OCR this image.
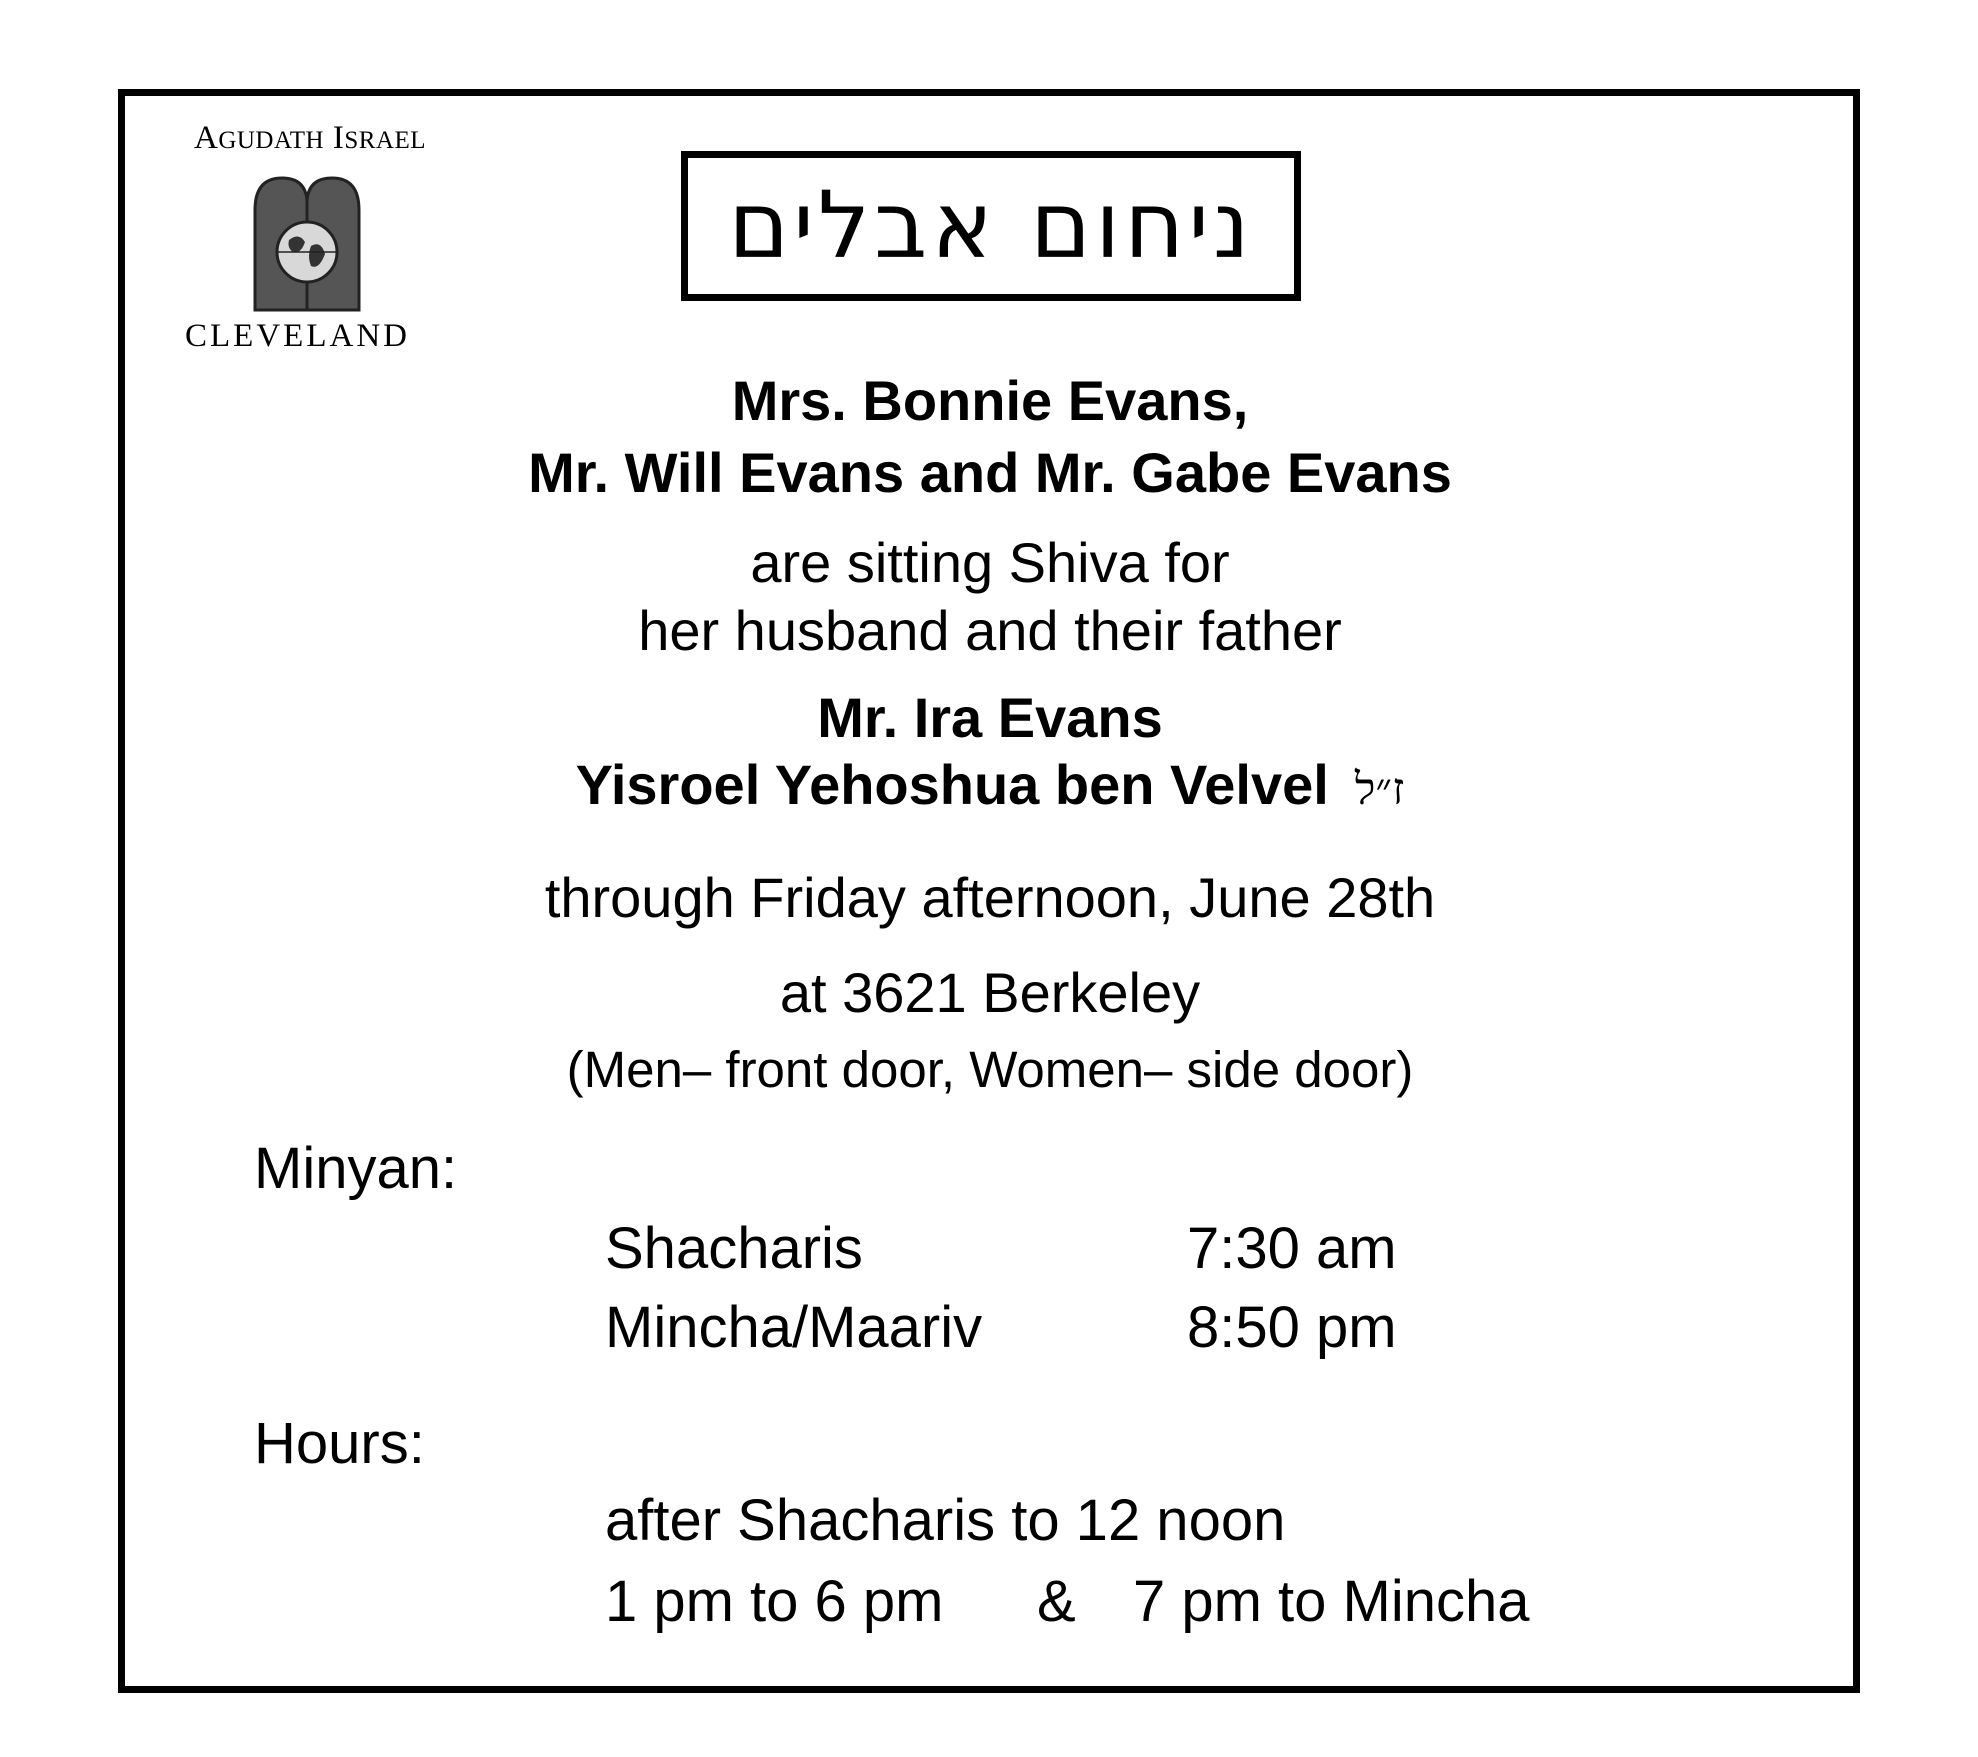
AGUDATH ISRAEL
CLEVELAND
ניחום אבלים
Mrs. Bonnie Evans,
Mr. Will Evans and Mr. Gabe Evans
are sitting Shiva for
her husband and their father
Mr. Ira Evans
Yisroel Yehoshua ben Velvel ז״ל
through Friday afternoon, June 28th
at 3621 Berkeley
(Men– front door, Women– side door)
Minyan:
Shacharis	7:30 am
Mincha/Maariv	8:50 pm
Hours:
after Shacharis to 12 noon
1 pm to 6 pm & 7 pm to Mincha
